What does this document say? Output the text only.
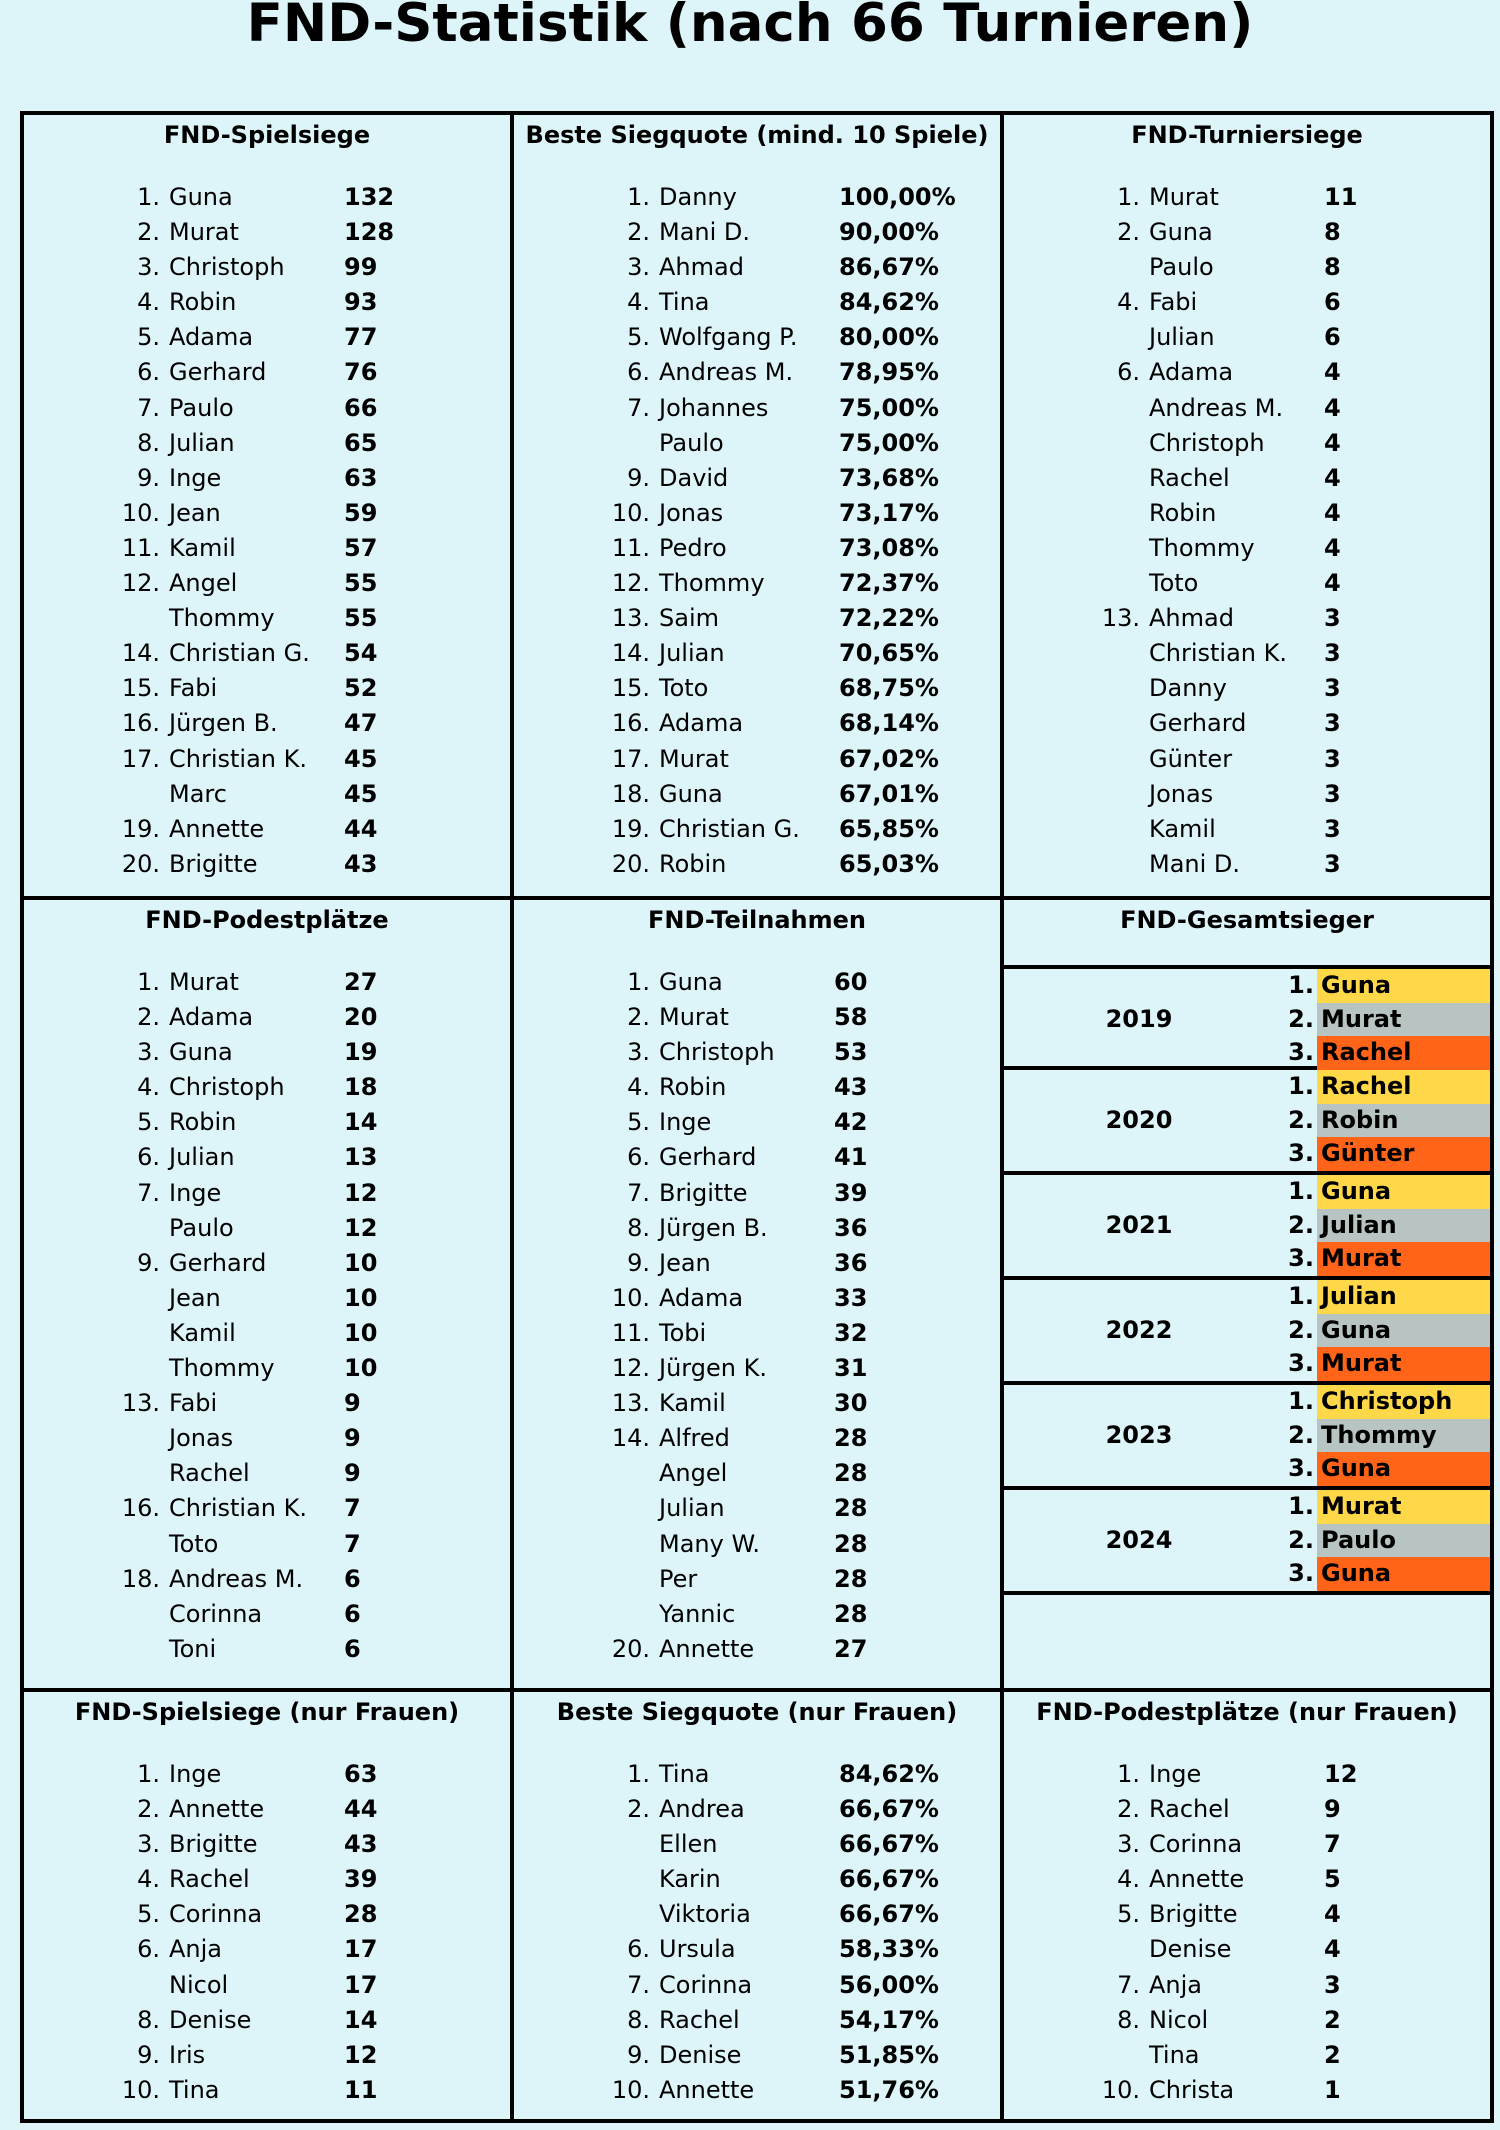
FND-Statistik (nach 66 Turnieren)
FND-Spielsiege
1. Guna	132
2. Murat	128
3. Christoph 99
4. Robin	93
5. Adama	77
6. Gerhard	76
7. Paulo	66
8. Julian	65
9. Inge	63
10. Jean	59
11. Kamil	57
12. Angel	55
Thommy	55
14. Christian G. 54
15. Fabi	52
16. Jürgen B.	47
17. Christian K. 45
Marc	45
19. Annette	44
20. Brigitte	43
Beste Siegquote (mind. 10 Spiele)
1. Danny	100,00%
2. Mani D.	90,00%
3. Ahmad	86,67%
4. Tina	84,62%
5. Wolfgang P. 80,00%
6. Andreas M. 78,95%
7. Johannes	75,00%
Paulo	75,00%
9. David	73,68%
10. Jonas	73,17%
11. Pedro	73,08%
12. Thommy	72,37%
13. Saim	72,22%
14. Julian	70,65%
15. Toto	68,75%
16. Adama	68,14%
17. Murat	67,02%
18. Guna	67,01%
19. Christian G. 65,85%
20. Robin	65,03%
FND-Turniersiege
1. Murat	11
2. Guna	8
Paulo	8
4. Fabi	6
Julian	6
6. Adama	4
Andreas M. 4
Christoph 4
Rachel	4
Robin	4
Thommy	4
Toto	4
13. Ahmad	3
Christian K. 3
Danny	3
Gerhard	3
Günter	3
Jonas	3
Kamil	3
Mani D.	3
FND-Podestplätze
1. Murat	27
2. Adama	20
3. Guna	19
4. Christoph 18
5. Robin	14
6. Julian	13
7. Inge	12
Paulo	12
9. Gerhard	10
Jean	10
Kamil	10
Thommy	10
13. Fabi	9
Jonas	9
Rachel	9
16. Christian K. 7
Toto	7
18. Andreas M. 6
Corinna	6
Toni	6
FND-Teilnahmen
1. Guna	60
2. Murat	58
3. Christoph 53
4. Robin	43
5. Inge	42
6. Gerhard	41
7. Brigitte	39
8. Jürgen B.	36
9. Jean	36
10. Adama	33
11. Tobi	32
12. Jürgen K.	31
13. Kamil	30
14. Alfred	28
Angel	28
Julian	28
Many W.	28
Per	28
Yannic	28
20. Annette	27
FND-Gesamtsieger
2019
1. Guna
2. Murat
3. Rachel
2020
1. Rachel
2. Robin
3. Günter
2021
1. Guna
2. Julian
3. Murat
2022
1. Julian
2. Guna
3. Murat
2023
1. Christoph
2. Thommy
3. Guna
2024
1. Murat
2. Paulo
3. Guna
FND-Spielsiege (nur Frauen)
1. Inge	63
2. Annette	44
3. Brigitte	43
4. Rachel	39
5. Corinna	28
6. Anja	17
Nicol	17
8. Denise	14
9. Iris	12
10. Tina	11
Beste Siegquote (nur Frauen)
1. Tina	84,62%
2. Andrea	66,67%
Ellen	66,67%
Karin	66,67%
Viktoria	66,67%
6. Ursula	58,33%
7. Corinna	56,00%
8. Rachel	54,17%
9. Denise	51,85%
10. Annette	51,76%
FND-Podestplätze (nur Frauen)
1. Inge	12
2. Rachel	9
3. Corinna	7
4. Annette	5
5. Brigitte	4
Denise	4
7. Anja	3
8. Nicol	2
Tina	2
10. Christa	1
